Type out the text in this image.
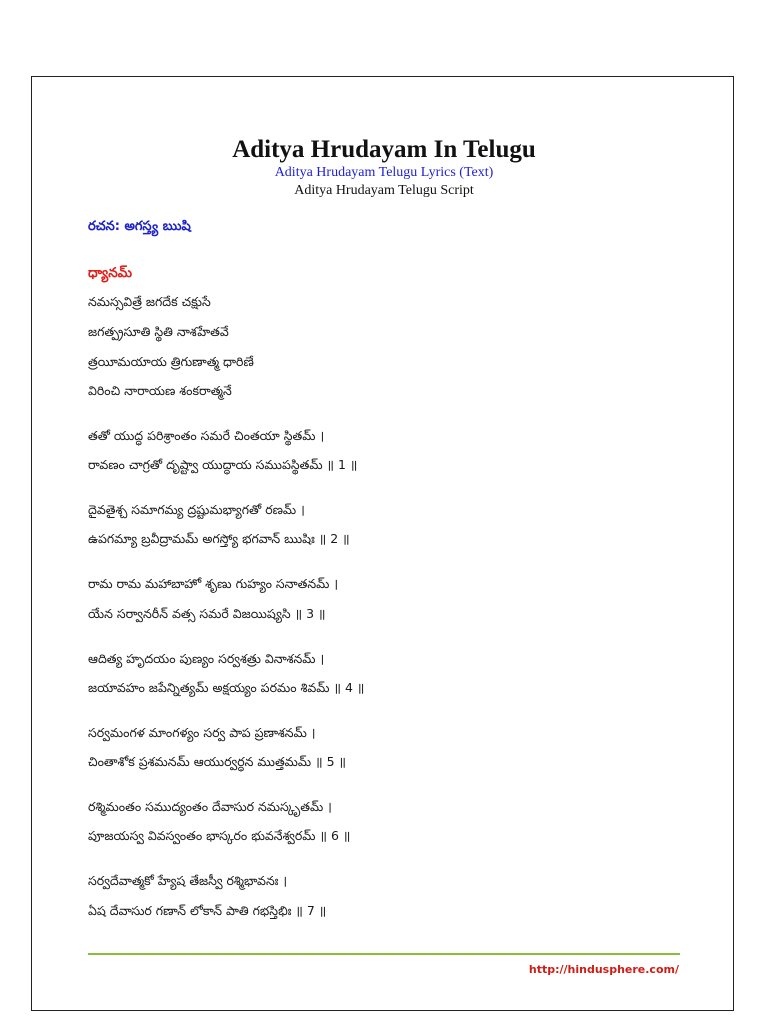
Aditya Hrudayam In Telugu
Aditya Hrudayam Telugu Lyrics (Text)
Aditya Hrudayam Telugu Script
రచన: అగస్త్య ఋషి
ధ్యానమ్
నమస్సవిత్రే జగదేక చక్షుసే
జగత్ప్రసూతి స్థితి నాశహేతవే
త్రయీమయాయ త్రిగుణాత్మ ధారిణే
విరించి నారాయణ శంకరాత్మనే
తతో యుద్ధ పరిశ్రాంతం సమరే చింతయా స్థితమ్ ।
రావణం చాగ్రతో దృష్ట్వా యుద్ధాయ సముపస్థితమ్ ॥ 1 ॥
దైవతైశ్చ సమాగమ్య ద్రష్టుమభ్యాగతో రణమ్ ।
ఉపగమ్యా బ్రవీద్రామమ్ అగస్త్యో భగవాన్ ఋషిః ॥ 2 ॥
రామ రామ మహాబాహో శృణు గుహ్యం సనాతనమ్ ।
యేన సర్వానరీన్ వత్స సమరే విజయిష్యసి ॥ 3 ॥
ఆదిత్య హృదయం పుణ్యం సర్వశత్రు వినాశనమ్ ।
జయావహం జపేన్నిత్యమ్ అక్షయ్యం పరమం శివమ్ ॥ 4 ॥
సర్వమంగళ మాంగళ్యం సర్వ పాప ప్రణాశనమ్ ।
చింతాశోక ప్రశమనమ్ ఆయుర్వర్ధన ముత్తమమ్ ॥ 5 ॥
రశ్మిమంతం సముద్యంతం దేవాసుర నమస్కృతమ్ ।
పూజయస్వ వివస్వంతం భాస్కరం భువనేశ్వరమ్ ॥ 6 ॥
సర్వదేవాత్మకో హ్యేష తేజస్వీ రశ్మిభావనః ।
ఏష దేవాసుర గణాన్ లోకాన్ పాతి గభస్తిభిః ॥ 7 ॥
http://hindusphere.com/
